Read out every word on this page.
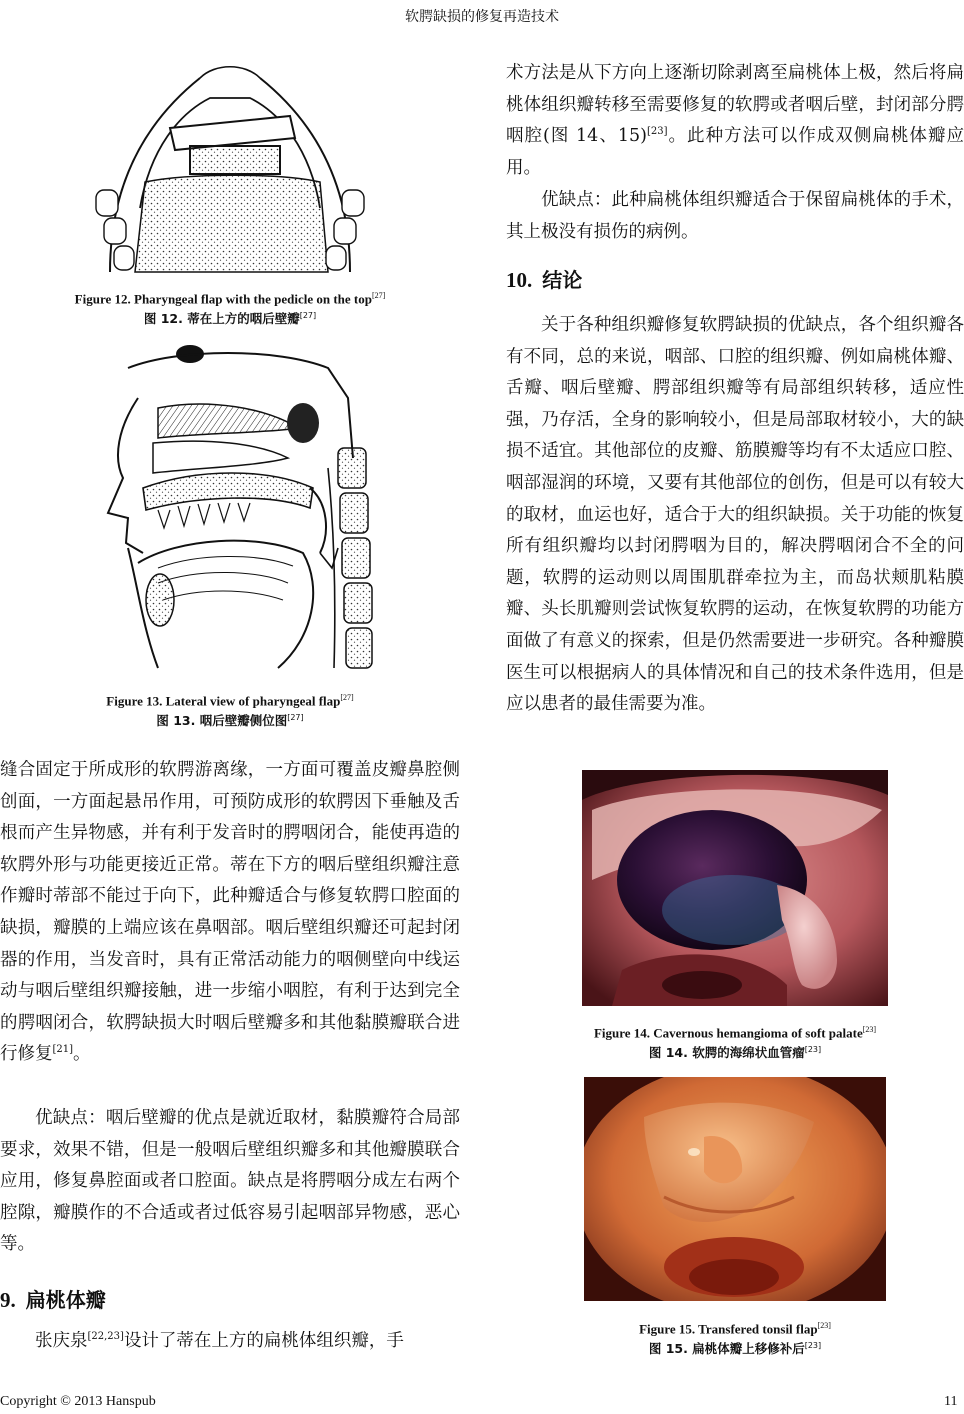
软腭缺损的修复再造技术
Figure 12. Pharyngeal flap with the pedicle on the top[27]
图 12. 蒂在上方的咽后壁瓣[27]
Figure 13. Lateral view of pharyngeal flap[27]
图 13. 咽后壁瓣侧位图[27]
缝合固定于所成形的软腭游离缘，一方面可覆盖皮瓣鼻腔侧创面，一方面起悬吊作用，可预防成形的软腭因下垂触及舌根而产生异物感，并有利于发音时的腭咽闭合，能使再造的软腭外形与功能更接近正常。蒂在下方的咽后壁组织瓣注意作瓣时蒂部不能过于向下，此种瓣适合与修复软腭口腔面的缺损，瓣膜的上端应该在鼻咽部。咽后壁组织瓣还可起封闭器的作用，当发音时，具有正常活动能力的咽侧壁向中线运动与咽后壁组织瓣接触，进一步缩小咽腔，有利于达到完全的腭咽闭合，软腭缺损大时咽后壁瓣多和其他黏膜瓣联合进行修复[21]。
优缺点：咽后壁瓣的优点是就近取材，黏膜瓣符合局部要求，效果不错，但是一般咽后壁组织瓣多和其他瓣膜联合应用，修复鼻腔面或者口腔面。缺点是将腭咽分成左右两个腔隙，瓣膜作的不合适或者过低容易引起咽部异物感，恶心等。
9. 扁桃体瓣
张庆泉[22,23]设计了蒂在上方的扁桃体组织瓣，手
术方法是从下方向上逐渐切除剥离至扁桃体上极，然后将扁桃体组织瓣转移至需要修复的软腭或者咽后壁，封闭部分腭咽腔(图 14、15)[23]。此种方法可以作成双侧扁桃体瓣应用。
优缺点：此种扁桃体组织瓣适合于保留扁桃体的手术，其上极没有损伤的病例。
10. 结论
关于各种组织瓣修复软腭缺损的优缺点，各个组织瓣各有不同，总的来说，咽部、口腔的组织瓣、例如扁桃体瓣、舌瓣、咽后壁瓣、腭部组织瓣等有局部组织转移，适应性强，乃存活，全身的影响较小，但是局部取材较小，大的缺损不适宜。其他部位的皮瓣、筋膜瓣等均有不太适应口腔、咽部湿润的环境，又要有其他部位的创伤，但是可以有较大的取材，血运也好，适合于大的组织缺损。关于功能的恢复所有组织瓣均以封闭腭咽为目的，解决腭咽闭合不全的问题，软腭的运动则以周围肌群牵拉为主，而岛状颊肌粘膜瓣、头长肌瓣则尝试恢复软腭的运动，在恢复软腭的功能方面做了有意义的探索，但是仍然需要进一步研究。各种瓣膜医生可以根据病人的具体情况和自己的技术条件选用，但是应以患者的最佳需要为准。
Figure 14. Cavernous hemangioma of soft palate[23]
图 14. 软腭的海绵状血管瘤[23]
Figure 15. Transfered tonsil flap[23]
图 15. 扁桃体瓣上移修补后[23]
Copyright © 2013 Hanspub	11
